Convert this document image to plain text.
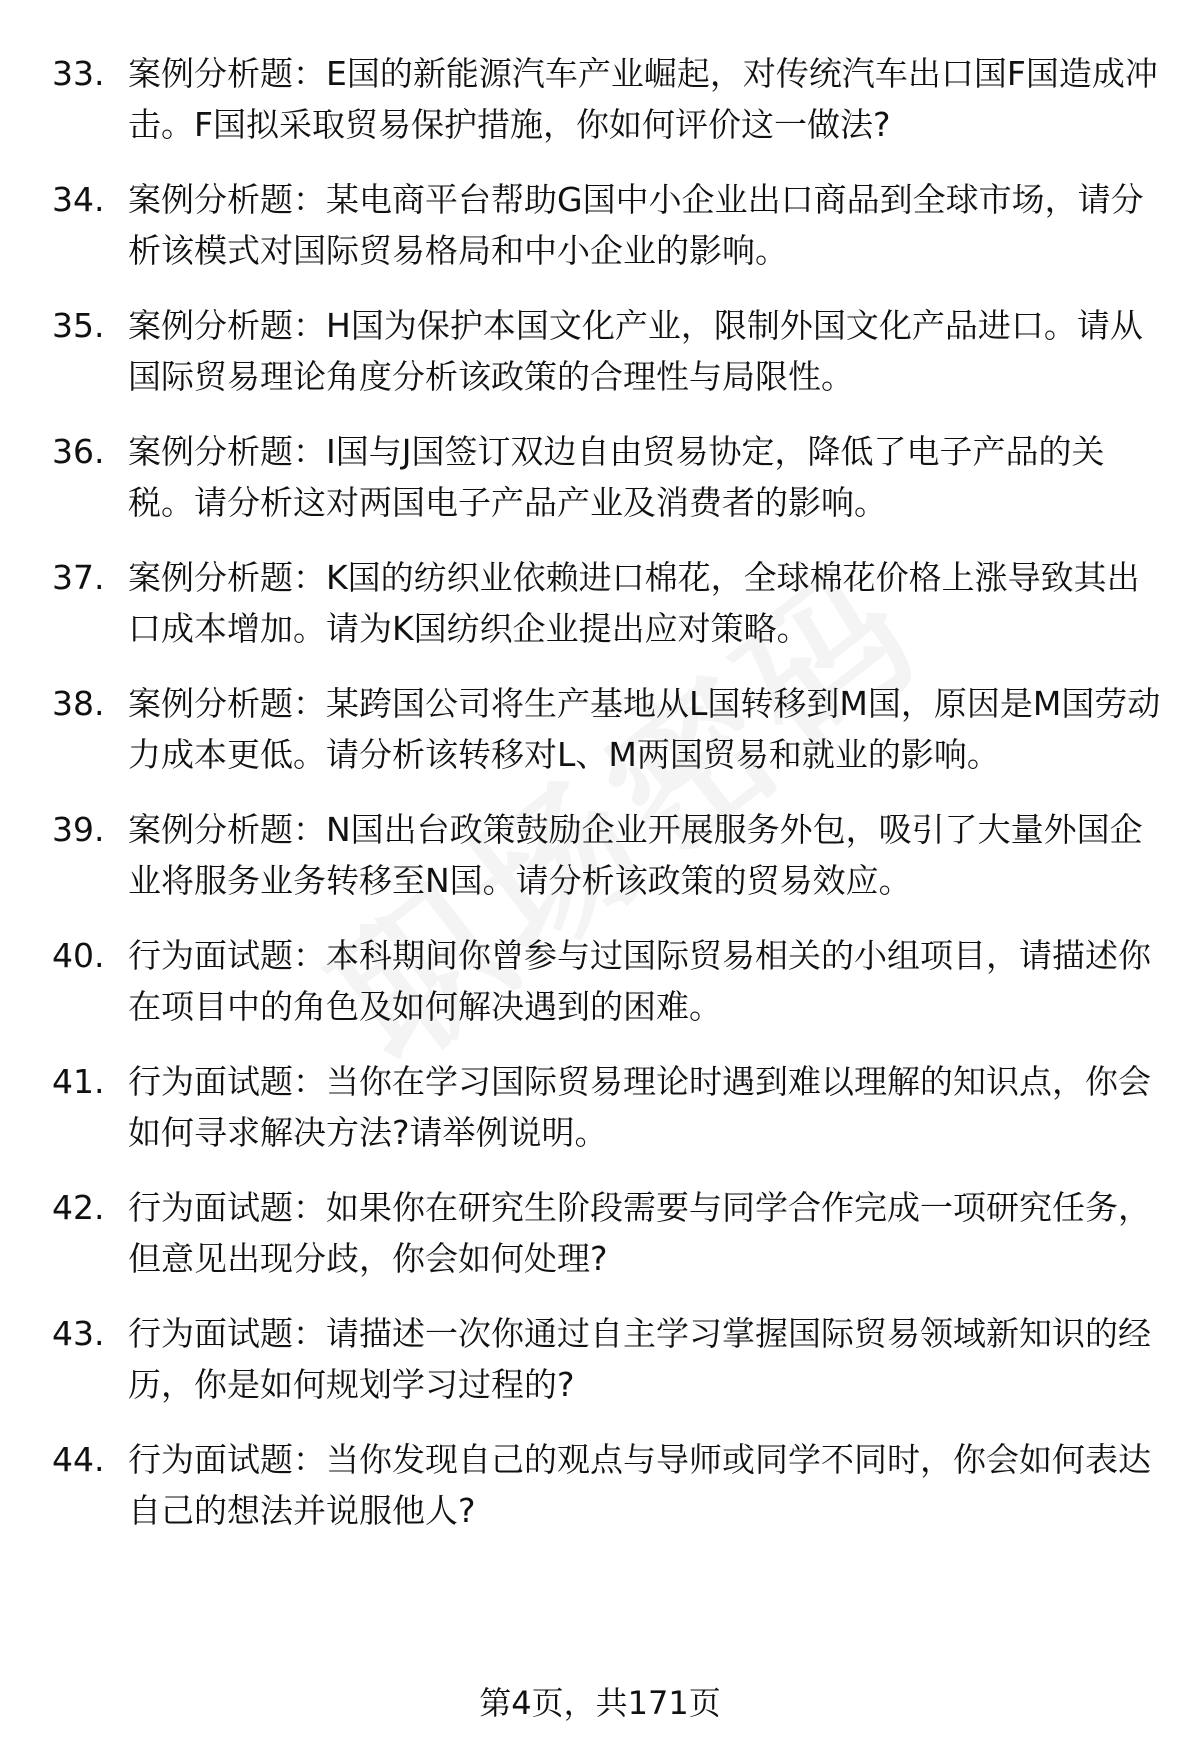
33. 案例分析题：E国的新能源汽车产业崛起，对传统汽车出口国F国造成冲击。F国拟采取贸易保护措施，你如何评价这一做法?
34. 案例分析题：某电商平台帮助G国中小企业出口商品到全球市场，请分析该模式对国际贸易格局和中小企业的影响。
35. 案例分析题：H国为保护本国文化产业，限制外国文化产品进口。请从国际贸易理论角度分析该政策的合理性与局限性。
36. 案例分析题：I国与J国签订双边自由贸易协定，降低了电子产品的关税。请分析这对两国电子产品产业及消费者的影响。
37. 案例分析题：K国的纺织业依赖进口棉花，全球棉花价格上涨导致其出口成本增加。请为K国纺织企业提出应对策略。
38. 案例分析题：某跨国公司将生产基地从L国转移到M国，原因是M国劳动力成本更低。请分析该转移对L、M两国贸易和就业的影响。
39. 案例分析题：N国出台政策鼓励企业开展服务外包，吸引了大量外国企业将服务业务转移至N国。请分析该政策的贸易效应。
40. 行为面试题：本科期间你曾参与过国际贸易相关的小组项目，请描述你在项目中的角色及如何解决遇到的困难。
41. 行为面试题：当你在学习国际贸易理论时遇到难以理解的知识点，你会如何寻求解决方法?请举例说明。
42. 行为面试题：如果你在研究生阶段需要与同学合作完成一项研究任务，但意见出现分歧，你会如何处理?
43. 行为面试题：请描述一次你通过自主学习掌握国际贸易领域新知识的经历，你是如何规划学习过程的?
44. 行为面试题：当你发现自己的观点与导师或同学不同时，你会如何表达自己的想法并说服他人?
第4页，共171页
